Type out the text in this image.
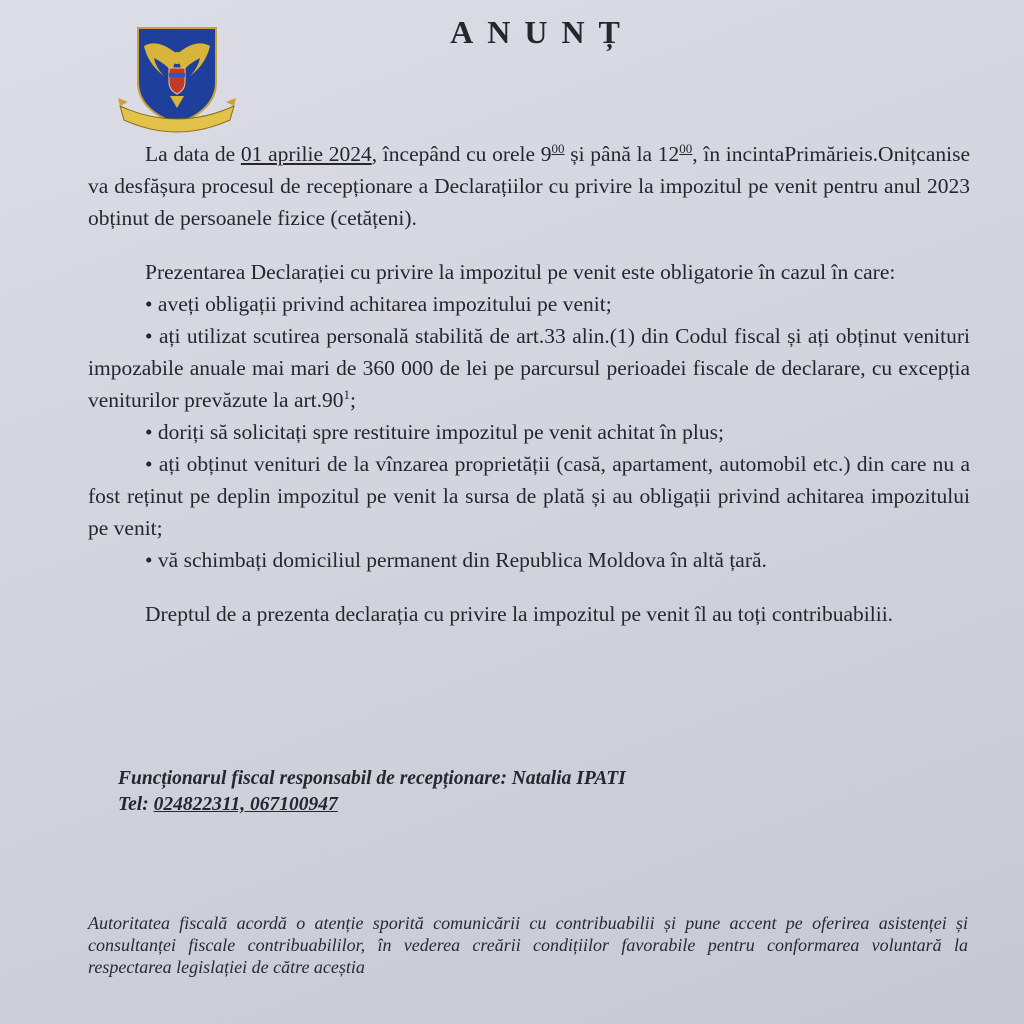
ANUNȚ

La data de 01 aprilie 2024, începând cu orele $9^{00}$ și până la $12^{00}$, în incintaPrimărieis.Onițcanise va desfășura procesul de recepționare a Declarațiilor cu privire la impozitul pe venit pentru anul 2023 obținut de persoanele fizice (cetățeni).

Prezentarea Declarației cu privire la impozitul pe venit este obligatorie în cazul în care:

• aveți obligații privind achitarea impozitului pe venit;

• ați utilizat scutirea personală stabilită de art.33 alin.(1) din Codul fiscal și ați obținut venituri impozabile anuale mai mari de 360 000 de lei pe parcursul perioadei fiscale de declarare, cu excepția veniturilor prevăzute la $art.90^1$;

• doriți să solicitați spre restituire impozitul pe venit achitat în plus;

• ați obținut venituri de la vînzarea proprietății (casă, apartament, automobil etc.) din care nu a fost reținut pe deplin impozitul pe venit la sursa de plată și au obligații privind achitarea impozitului pe venit;

• vă schimbați domiciliul permanent din Republica Moldova în altă țară.

Dreptul de a prezenta declarația cu privire la impozitul pe venit îl au toți contribuabilii.

Funcționarul fiscal responsabil de recepționare: Natalia IPATI
Tel: 024822311, 067100947
Autoritatea fiscală acordă o atenție sporită comunicării cu contribuabilii și pune accent pe oferirea asistenței și consultanței fiscale contribuabililor, în vederea creării condițiilor favorabile pentru conformarea voluntară la respectarea legislației de către aceștia
